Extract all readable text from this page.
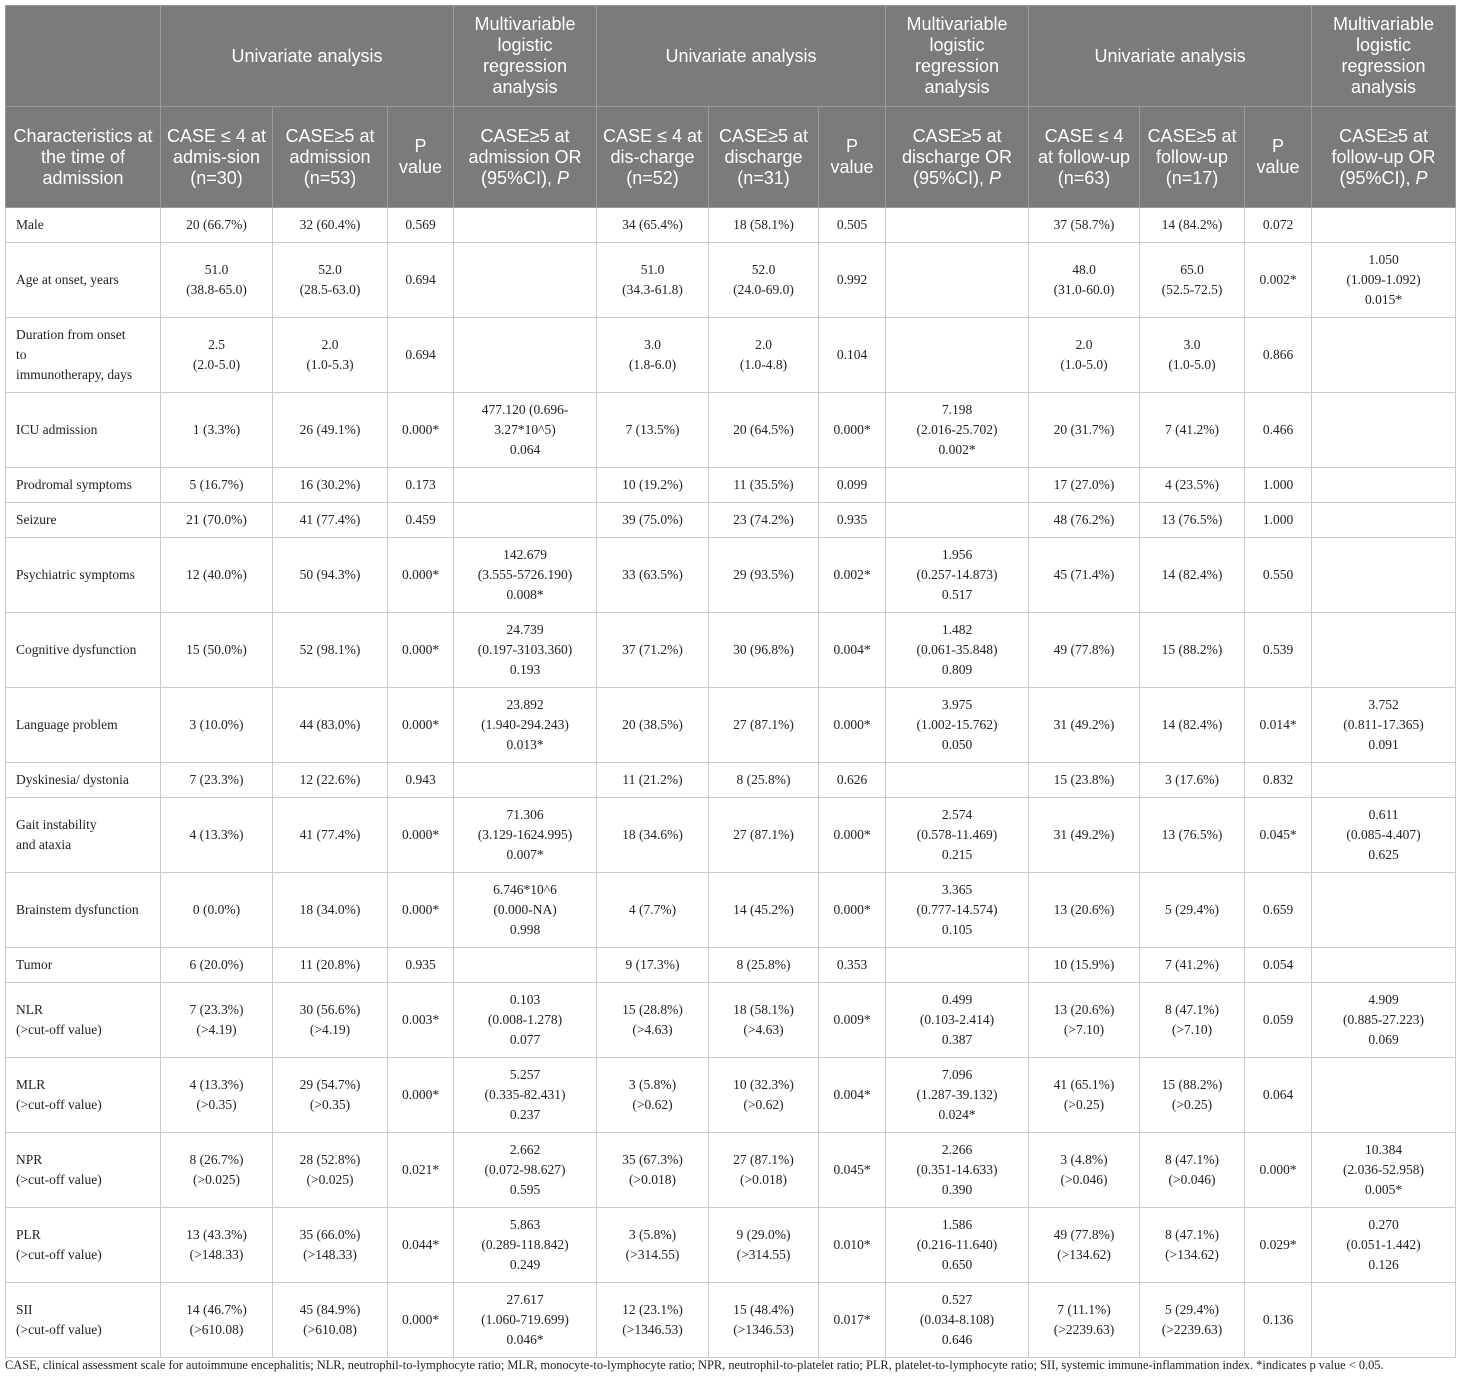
	Univariate analysis			Multivariable logistic regression analysis	Univariate analysis			Multivariable logistic regression analysis	Univariate analysis			Multivariable logistic regression analysis
Characteristics at the time of admission	CASE ≤ 4 at admis-sion (n=30)	CASE≥5 at admission (n=53)	P value	CASE≥5 at admission OR (95%CI), P	CASE ≤ 4 at dis-charge (n=52)	CASE≥5 at discharge (n=31)	P value	CASE≥5 at discharge OR (95%CI), P	CASE ≤ 4 at follow-up (n=63)	CASE≥5 at follow-up (n=17)	P value	CASE≥5 at follow-up OR (95%CI), P

Male	20 (66.7%)	32 (60.4%)	0.569		34 (65.4%)	18 (58.1%)	0.505		37 (58.7%)	14 (84.2%)	0.072	

Age at onset, years	51.0
(38.8-65.0)	52.0
(28.5-63.0)	0.694		51.0
(34.3-61.8)	52.0
(24.0-69.0)	0.992		48.0
(31.0-60.0)	65.0
(52.5-72.5)	0.002*	1.050
(1.009-1.092)
0.015*

Duration from onset
to
immunotherapy, days	2.5
(2.0-5.0)	2.0
(1.0-5.3)	0.694		3.0
(1.8-6.0)	2.0
(1.0-4.8)	0.104		2.0
(1.0-5.0)	3.0
(1.0-5.0)	0.866	

ICU admission	1 (3.3%)	26 (49.1%)	0.000*	477.120 (0.696-
3.27*10^5)
0.064	7 (13.5%)	20 (64.5%)	0.000*	7.198
(2.016-25.702)
0.002*	20 (31.7%)	7 (41.2%)	0.466	

Prodromal symptoms	5 (16.7%)	16 (30.2%)	0.173		10 (19.2%)	11 (35.5%)	0.099		17 (27.0%)	4 (23.5%)	1.000	

Seizure	21 (70.0%)	41 (77.4%)	0.459		39 (75.0%)	23 (74.2%)	0.935		48 (76.2%)	13 (76.5%)	1.000	

Psychiatric symptoms	12 (40.0%)	50 (94.3%)	0.000*	142.679
(3.555-5726.190)
0.008*	33 (63.5%)	29 (93.5%)	0.002*	1.956
(0.257-14.873)
0.517	45 (71.4%)	14 (82.4%)	0.550	

Cognitive dysfunction	15 (50.0%)	52 (98.1%)	0.000*	24.739
(0.197-3103.360)
0.193	37 (71.2%)	30 (96.8%)	0.004*	1.482
(0.061-35.848)
0.809	49 (77.8%)	15 (88.2%)	0.539	

Language problem	3 (10.0%)	44 (83.0%)	0.000*	23.892
(1.940-294.243)
0.013*	20 (38.5%)	27 (87.1%)	0.000*	3.975
(1.002-15.762)
0.050	31 (49.2%)	14 (82.4%)	0.014*	3.752
(0.811-17.365)
0.091

Dyskinesia/ dystonia	7 (23.3%)	12 (22.6%)	0.943		11 (21.2%)	8 (25.8%)	0.626		15 (23.8%)	3 (17.6%)	0.832	

Gait instability
and ataxia	4 (13.3%)	41 (77.4%)	0.000*	71.306
(3.129-1624.995)
0.007*	18 (34.6%)	27 (87.1%)	0.000*	2.574
(0.578-11.469)
0.215	31 (49.2%)	13 (76.5%)	0.045*	0.611
(0.085-4.407)
0.625

Brainstem dysfunction	0 (0.0%)	18 (34.0%)	0.000*	6.746*10^6
(0.000-NA)
0.998	4 (7.7%)	14 (45.2%)	0.000*	3.365
(0.777-14.574)
0.105	13 (20.6%)	5 (29.4%)	0.659	

Tumor	6 (20.0%)	11 (20.8%)	0.935		9 (17.3%)	8 (25.8%)	0.353		10 (15.9%)	7 (41.2%)	0.054	

NLR
(>cut-off value)	7 (23.3%)
(>4.19)	30 (56.6%)
(>4.19)	0.003*	0.103
(0.008-1.278)
0.077	15 (28.8%)
(>4.63)	18 (58.1%)
(>4.63)	0.009*	0.499
(0.103-2.414)
0.387	13 (20.6%)
(>7.10)	8 (47.1%)
(>7.10)	0.059	4.909
(0.885-27.223)
0.069

MLR
(>cut-off value)	4 (13.3%)
(>0.35)	29 (54.7%)
(>0.35)	0.000*	5.257
(0.335-82.431)
0.237	3 (5.8%)
(>0.62)	10 (32.3%)
(>0.62)	0.004*	7.096
(1.287-39.132)
0.024*	41 (65.1%)
(>0.25)	15 (88.2%)
(>0.25)	0.064	

NPR
(>cut-off value)	8 (26.7%)
(>0.025)	28 (52.8%)
(>0.025)	0.021*	2.662
(0.072-98.627)
0.595	35 (67.3%)
(>0.018)	27 (87.1%)
(>0.018)	0.045*	2.266
(0.351-14.633)
0.390	3 (4.8%)
(>0.046)	8 (47.1%)
(>0.046)	0.000*	10.384
(2.036-52.958)
0.005*

PLR
(>cut-off value)	13 (43.3%)
(>148.33)	35 (66.0%)
(>148.33)	0.044*	5.863
(0.289-118.842)
0.249	3 (5.8%)
(>314.55)	9 (29.0%)
(>314.55)	0.010*	1.586
(0.216-11.640)
0.650	49 (77.8%)
(>134.62)	8 (47.1%)
(>134.62)	0.029*	0.270
(0.051-1.442)
0.126

SII
(>cut-off value)	14 (46.7%)
(>610.08)	45 (84.9%)
(>610.08)	0.000*	27.617
(1.060-719.699)
0.046*	12 (23.1%)
(>1346.53)	15 (48.4%)
(>1346.53)	0.017*	0.527
(0.034-8.108)
0.646	7 (11.1%)
(>2239.63)	5 (29.4%)
(>2239.63)	0.136	

CASE, clinical assessment scale for autoimmune encephalitis; NLR, neutrophil-to-lymphocyte ratio; MLR, monocyte-to-lymphocyte ratio; NPR, neutrophil-to-platelet ratio; PLR, platelet-to-lymphocyte ratio; SII, systemic immune-inflammation index. *indicates p value < 0.05.
